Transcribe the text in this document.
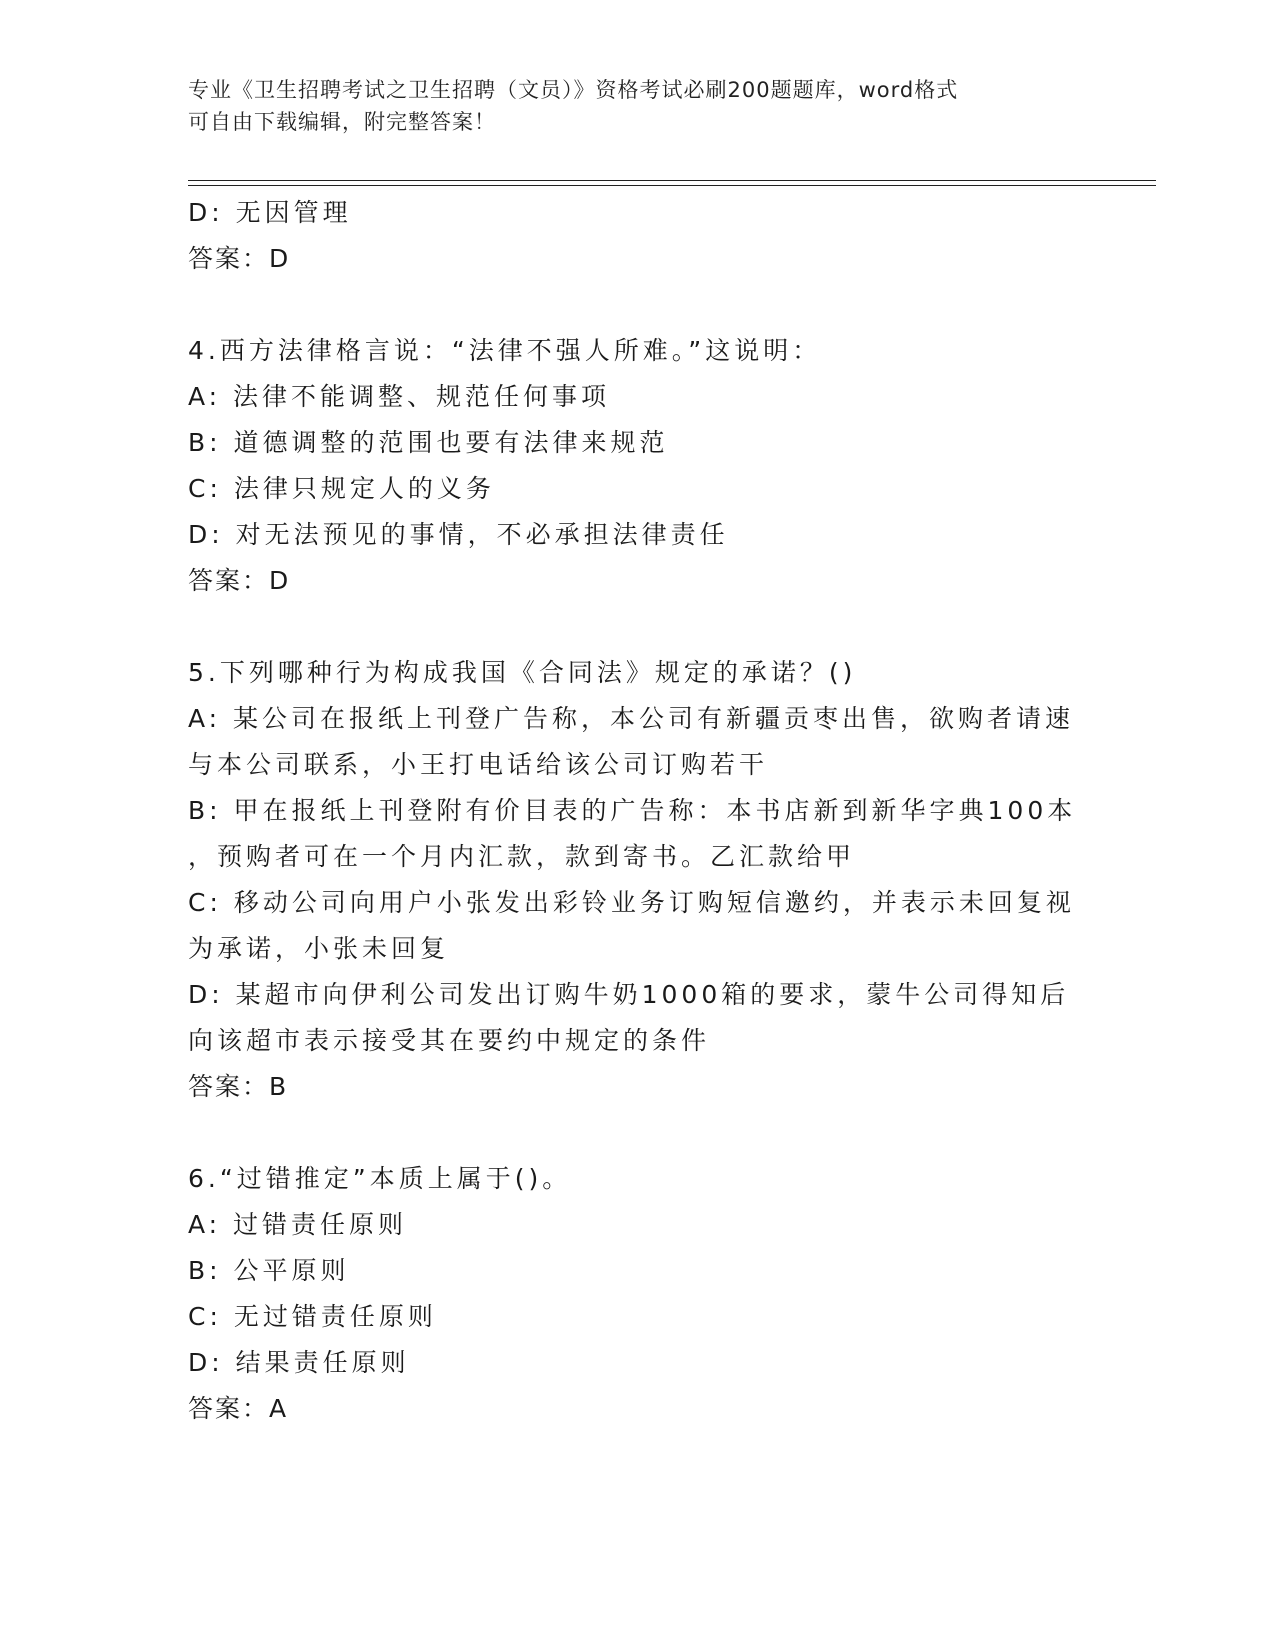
专业《卫生招聘考试之卫生招聘（文员）》资格考试必刷200题题库，word格式
可自由下载编辑，附完整答案！
D: 无因管理
答案：D
4.西方法律格言说：“法律不强人所难。”这说明：
A: 法律不能调整、规范任何事项
B: 道德调整的范围也要有法律来规范
C: 法律只规定人的义务
D: 对无法预见的事情，不必承担法律责任
答案：D
5.下列哪种行为构成我国《合同法》规定的承诺？()
A: 某公司在报纸上刊登广告称，本公司有新疆贡枣出售，欲购者请速
与本公司联系，小王打电话给该公司订购若干
B: 甲在报纸上刊登附有价目表的广告称：本书店新到新华字典100本
，预购者可在一个月内汇款，款到寄书。乙汇款给甲
C: 移动公司向用户小张发出彩铃业务订购短信邀约，并表示未回复视
为承诺，小张未回复
D: 某超市向伊利公司发出订购牛奶1000箱的要求，蒙牛公司得知后
向该超市表示接受其在要约中规定的条件
答案：B
6.“过错推定”本质上属于()。
A: 过错责任原则
B: 公平原则
C: 无过错责任原则
D: 结果责任原则
答案：A
